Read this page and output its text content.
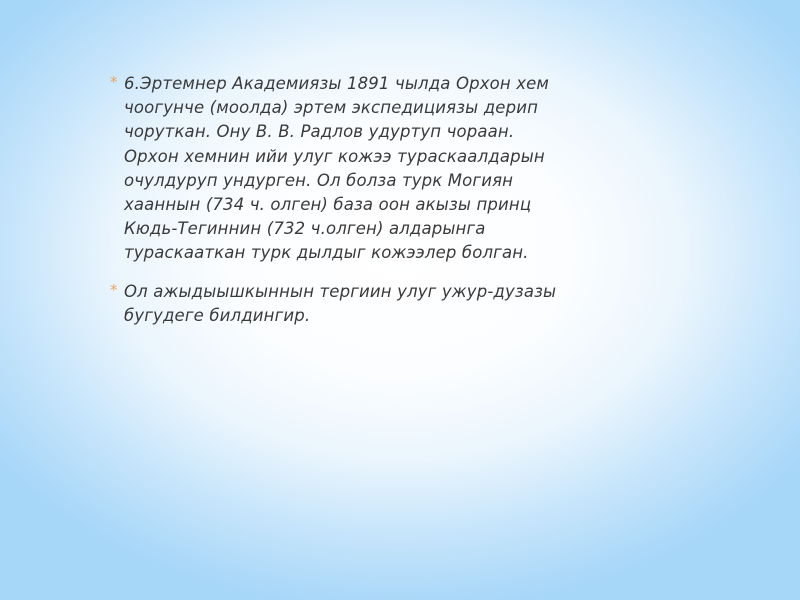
* 6.Эртемнер Академиязы 1891 чылда Орхон хем
чоогунче (моолда) эртем экспедициязы дерип
чоруткан. Ону В. В. Радлов удуртуп чораан.
Орхон хемнин ийи улуг кожээ тураскаалдарын
очулдуруп ундурген. Ол болза турк Могиян
хааннын (734 ч. олген) база оон акызы принц
Кюдь-Тегиннин (732 ч.олген) алдарынга
тураскааткан турк дылдыг кожээлер болган.
* Ол ажыдыышкыннын тергиин улуг ужур-дузазы
бугудеге билдингир.
